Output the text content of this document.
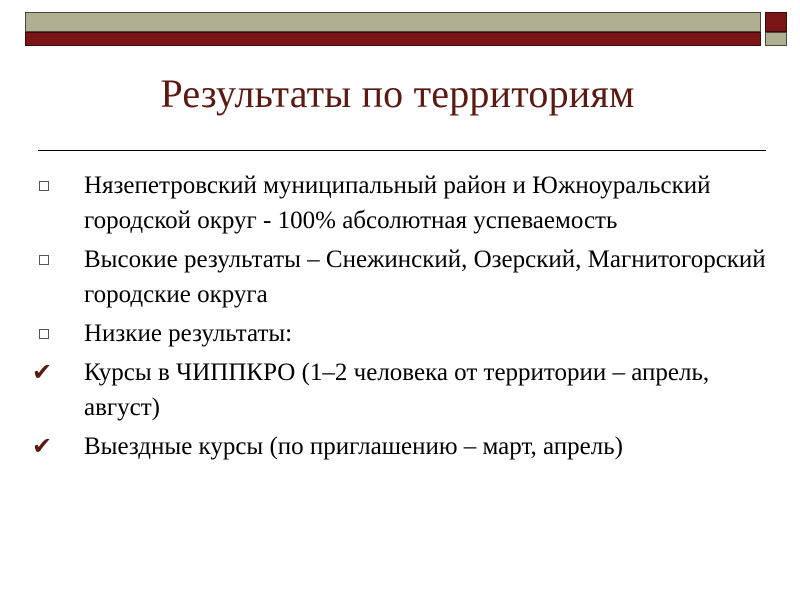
Результаты по территориям
Нязепетровский муниципальный район и Южноуральский городской округ - 100% абсолютная успеваемость
Высокие результаты – Снежинский, Озерский, Магнитогорский городские округа
Низкие результаты:
✔ Курсы в ЧИППКРО (1–2 человека от территории – апрель, август)
✔ Выездные курсы (по приглашению – март, апрель)
